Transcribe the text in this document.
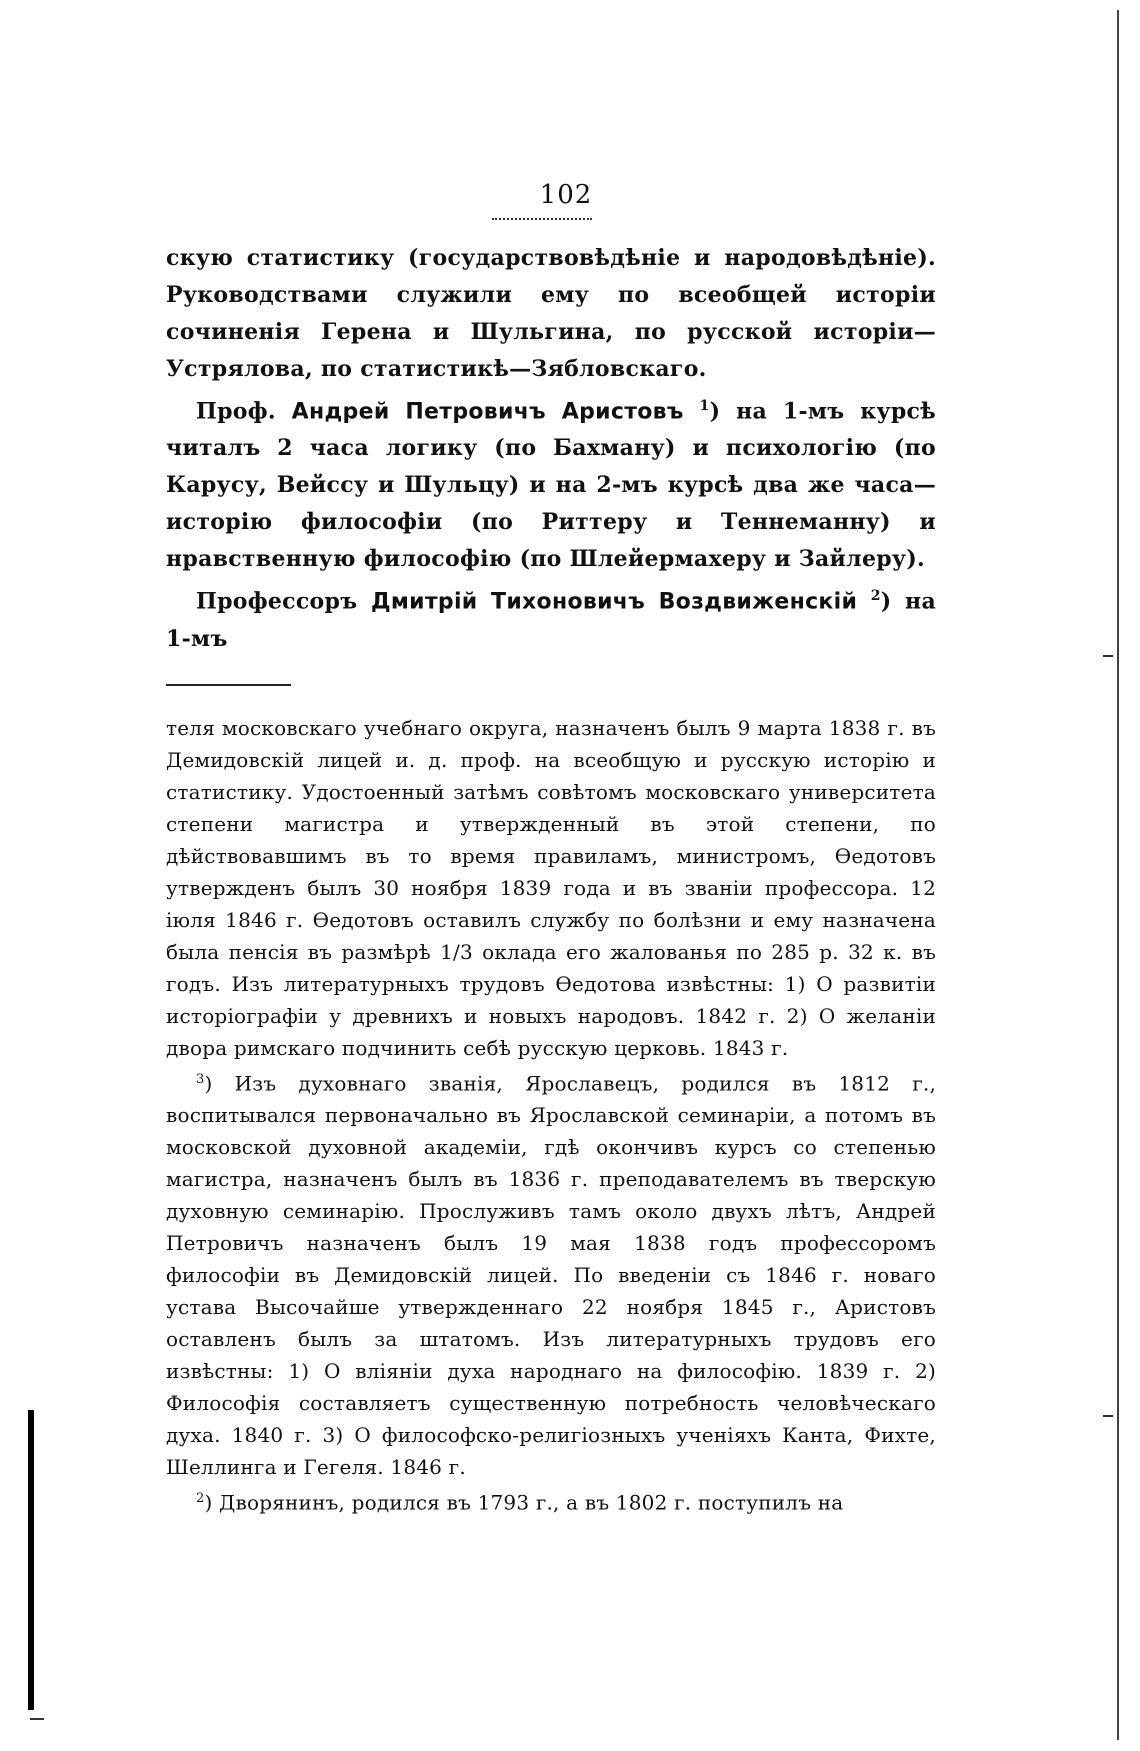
102

скую статистику (государствовѣдѣніе и народовѣдѣніе). Руководствами служили ему по всеобщей исторіи сочиненія Герена и Шульгина, по русской исторіи—Устрялова, по статистикѣ—Зябловскаго.

Проф. Андрей Петровичъ Аристовъ $^1$) на 1-мъ курсѣ читалъ 2 часа логику (по Бахману) и психологію (по Карусу, Вейссу и Шульцу) и на 2-мъ курсѣ два же часа—исторію философіи (по Риттеру и Теннеманну) и нравственную философію (по Шлейермахеру и Зайлеру).

Профессоръ Дмитрій Тихоновичъ Воздвиженскій $^2$) на 1-мъ

теля московскаго учебнаго округа, назначенъ былъ 9 марта 1838 г. въ Демидовскій лицей и. д. проф. на всеобщую и русскую исторію и статистику. Удостоенный затѣмъ совѣтомъ московскаго университета степени магистра и утвержденный въ этой степени, по дѣйствовавшимъ въ то время правиламъ, министромъ, Ѳедотовъ утвержденъ былъ 30 ноября 1839 года и въ званіи профессора. 12 іюля 1846 г. Ѳедотовъ оставилъ службу по болѣзни и ему назначена была пенсія въ размѣрѣ 1/3 оклада его жалованья по 285 р. 32 к. въ годъ. Изъ литературныхъ трудовъ Ѳедотова извѣстны: 1) О развитіи исторіографіи у древнихъ и новыхъ народовъ. 1842 г. 2) О желаніи двора римскаго подчинить себѣ русскую церковь. 1843 г.

$^3$) Изъ духовнаго званія, Ярославецъ, родился въ 1812 г., воспитывался первоначально въ Ярославской семинаріи, а потомъ въ московской духовной академіи, гдѣ окончивъ курсъ со степенью магистра, назначенъ былъ въ 1836 г. преподавателемъ въ тверскую духовную семинарію. Прослуживъ тамъ около двухъ лѣтъ, Андрей Петровичъ назначенъ былъ 19 мая 1838 годъ профессоромъ философіи въ Демидовскій лицей. По введеніи съ 1846 г. новаго устава Высочайше утвержденнаго 22 ноября 1845 г., Аристовъ оставленъ былъ за штатомъ. Изъ литературныхъ трудовъ его извѣстны: 1) О вліяніи духа народнаго на философію. 1839 г. 2) Философія составляетъ существенную потребность человѣческаго духа. 1840 г. 3) О философско-религіозныхъ ученіяхъ Канта, Фихте, Шеллинга и Гегеля. 1846 г.

$^2$) Дворянинъ, родился въ 1793 г., а въ 1802 г. поступилъ на
